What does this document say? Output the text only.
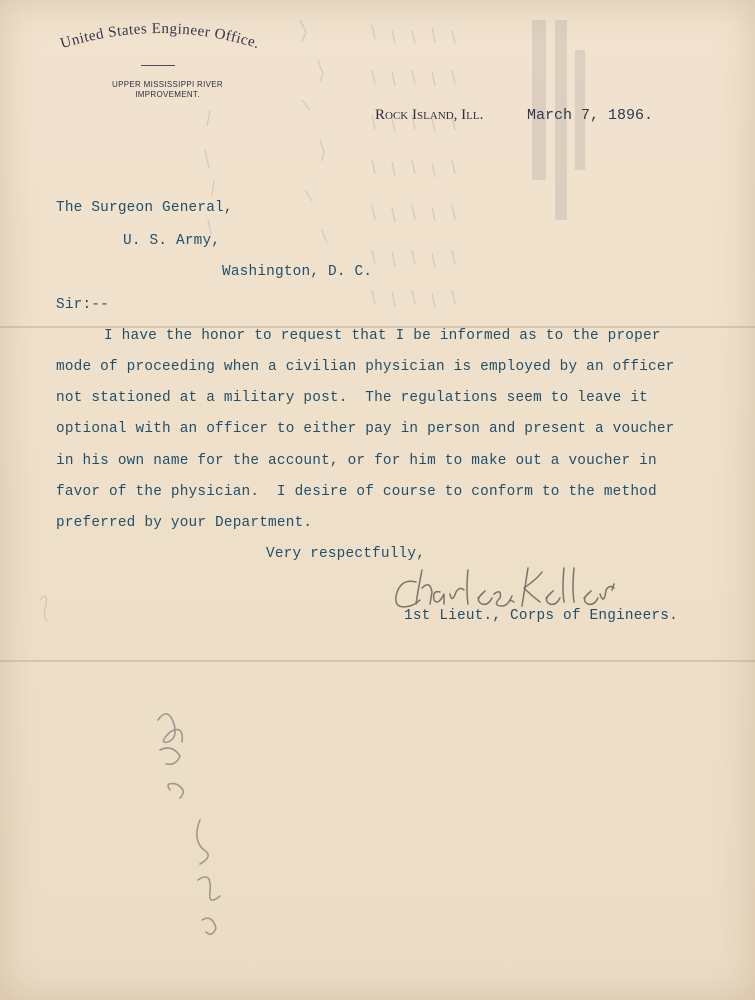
United States Engineer Office.
UPPER MISSISSIPPI RIVER
IMPROVEMENT.
Rock Island, Ill.	March 7, 1896.
The Surgeon General,
U. S. Army,
Washington, D. C.
Sir:--
I have the honor to request that I be informed as to the proper
mode of proceeding when a civilian physician is employed by an officer
not stationed at a military post.  The regulations seem to leave it
optional with an officer to either pay in person and present a voucher
in his own name for the account, or for him to make out a voucher in
favor of the physician.  I desire of course to conform to the method
preferred by your Department.
Very respectfully,
1st Lieut., Corps of Engineers.
